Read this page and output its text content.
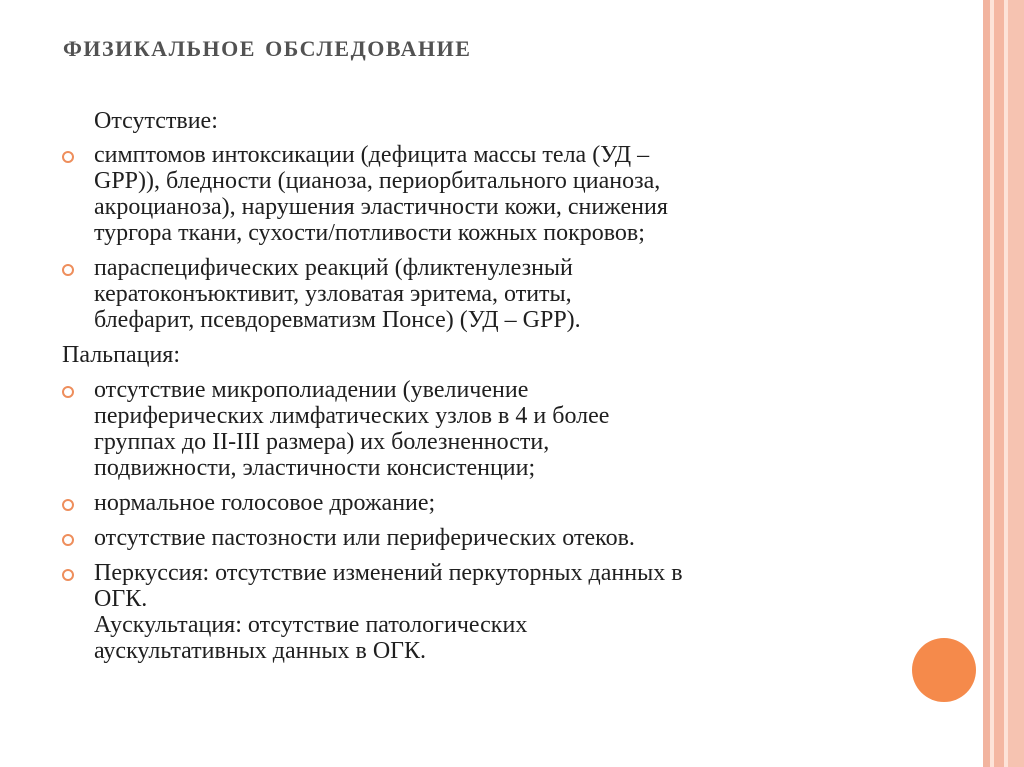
физикальное обследование

Отсутствие:

симптомов интоксикации (дефицита массы тела (УД –

GPP)), бледности (цианоза, периорбитального цианоза,

акроцианоза), нарушения эластичности кожи, снижения

тургора ткани, сухости/потливости кожных покровов;

параспецифических реакций (фликтенулезный

кератоконъюктивит, узловатая эритема, отиты,

блефарит, псевдоревматизм Понсе) (УД – GPP).

Пальпация:

отсутствие микрополиадении (увеличение

периферических лимфатических узлов в 4 и более

группах до II-III размера) их болезненности,

подвижности, эластичности консистенции;

нормальное голосовое дрожание;

отсутствие пастозности или периферических отеков.

Перкуссия: отсутствие изменений перкуторных данных в

ОГК.

Аускультация: отсутствие патологических

аускультативных данных в ОГК.
